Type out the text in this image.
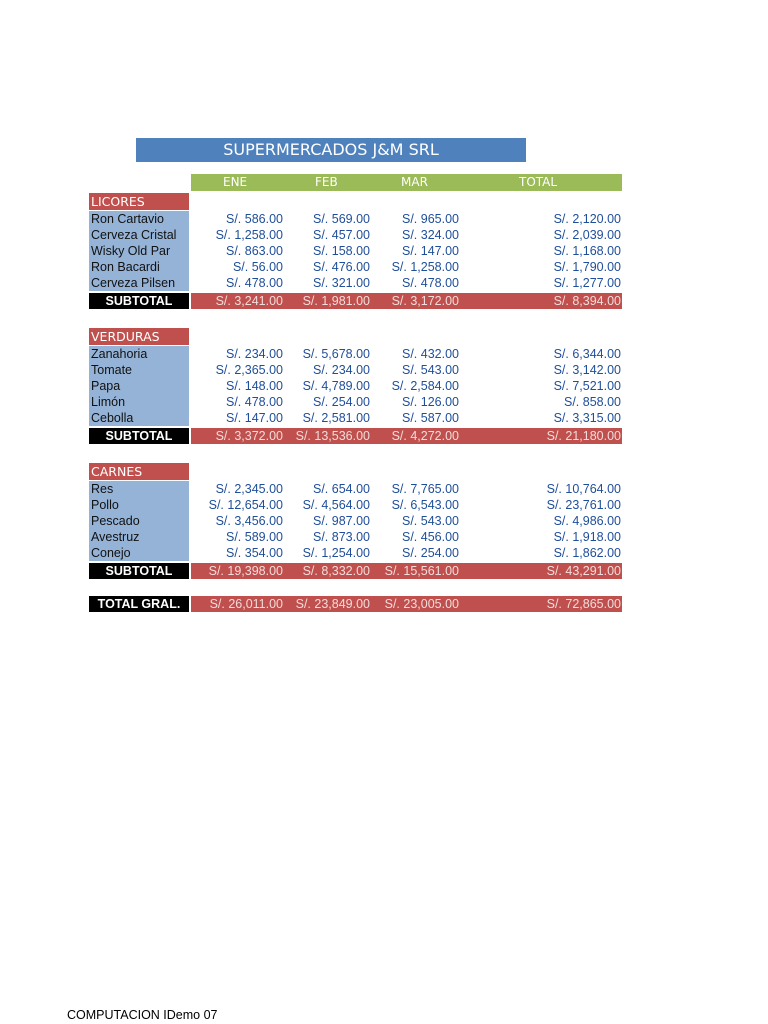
SUPERMERCADOS J&M SRL
ENE	FEB	MAR	TOTAL
LICORES
Ron Cartavio	S/. 586.00	S/. 569.00	S/. 965.00	S/. 2,120.00
Cerveza Cristal	S/. 1,258.00	S/. 457.00	S/. 324.00	S/. 2,039.00
Wisky Old Par	S/. 863.00	S/. 158.00	S/. 147.00	S/. 1,168.00
Ron Bacardi	S/. 56.00	S/. 476.00	S/. 1,258.00	S/. 1,790.00
Cerveza Pilsen	S/. 478.00	S/. 321.00	S/. 478.00	S/. 1,277.00
SUBTOTAL	S/. 3,241.00	S/. 1,981.00	S/. 3,172.00	S/. 8,394.00
VERDURAS
Zanahoria	S/. 234.00	S/. 5,678.00	S/. 432.00	S/. 6,344.00
Tomate	S/. 2,365.00	S/. 234.00	S/. 543.00	S/. 3,142.00
Papa	S/. 148.00	S/. 4,789.00	S/. 2,584.00	S/. 7,521.00
Limón	S/. 478.00	S/. 254.00	S/. 126.00	S/. 858.00
Cebolla	S/. 147.00	S/. 2,581.00	S/. 587.00	S/. 3,315.00
SUBTOTAL	S/. 3,372.00	S/. 13,536.00	S/. 4,272.00	S/. 21,180.00
CARNES
Res	S/. 2,345.00	S/. 654.00	S/. 7,765.00	S/. 10,764.00
Pollo	S/. 12,654.00	S/. 4,564.00	S/. 6,543.00	S/. 23,761.00
Pescado	S/. 3,456.00	S/. 987.00	S/. 543.00	S/. 4,986.00
Avestruz	S/. 589.00	S/. 873.00	S/. 456.00	S/. 1,918.00
Conejo	S/. 354.00	S/. 1,254.00	S/. 254.00	S/. 1,862.00
SUBTOTAL	S/. 19,398.00	S/. 8,332.00	S/. 15,561.00	S/. 43,291.00
TOTAL GRAL.	S/. 26,011.00	S/. 23,849.00	S/. 23,005.00	S/. 72,865.00
COMPUTACION IDemo 07
